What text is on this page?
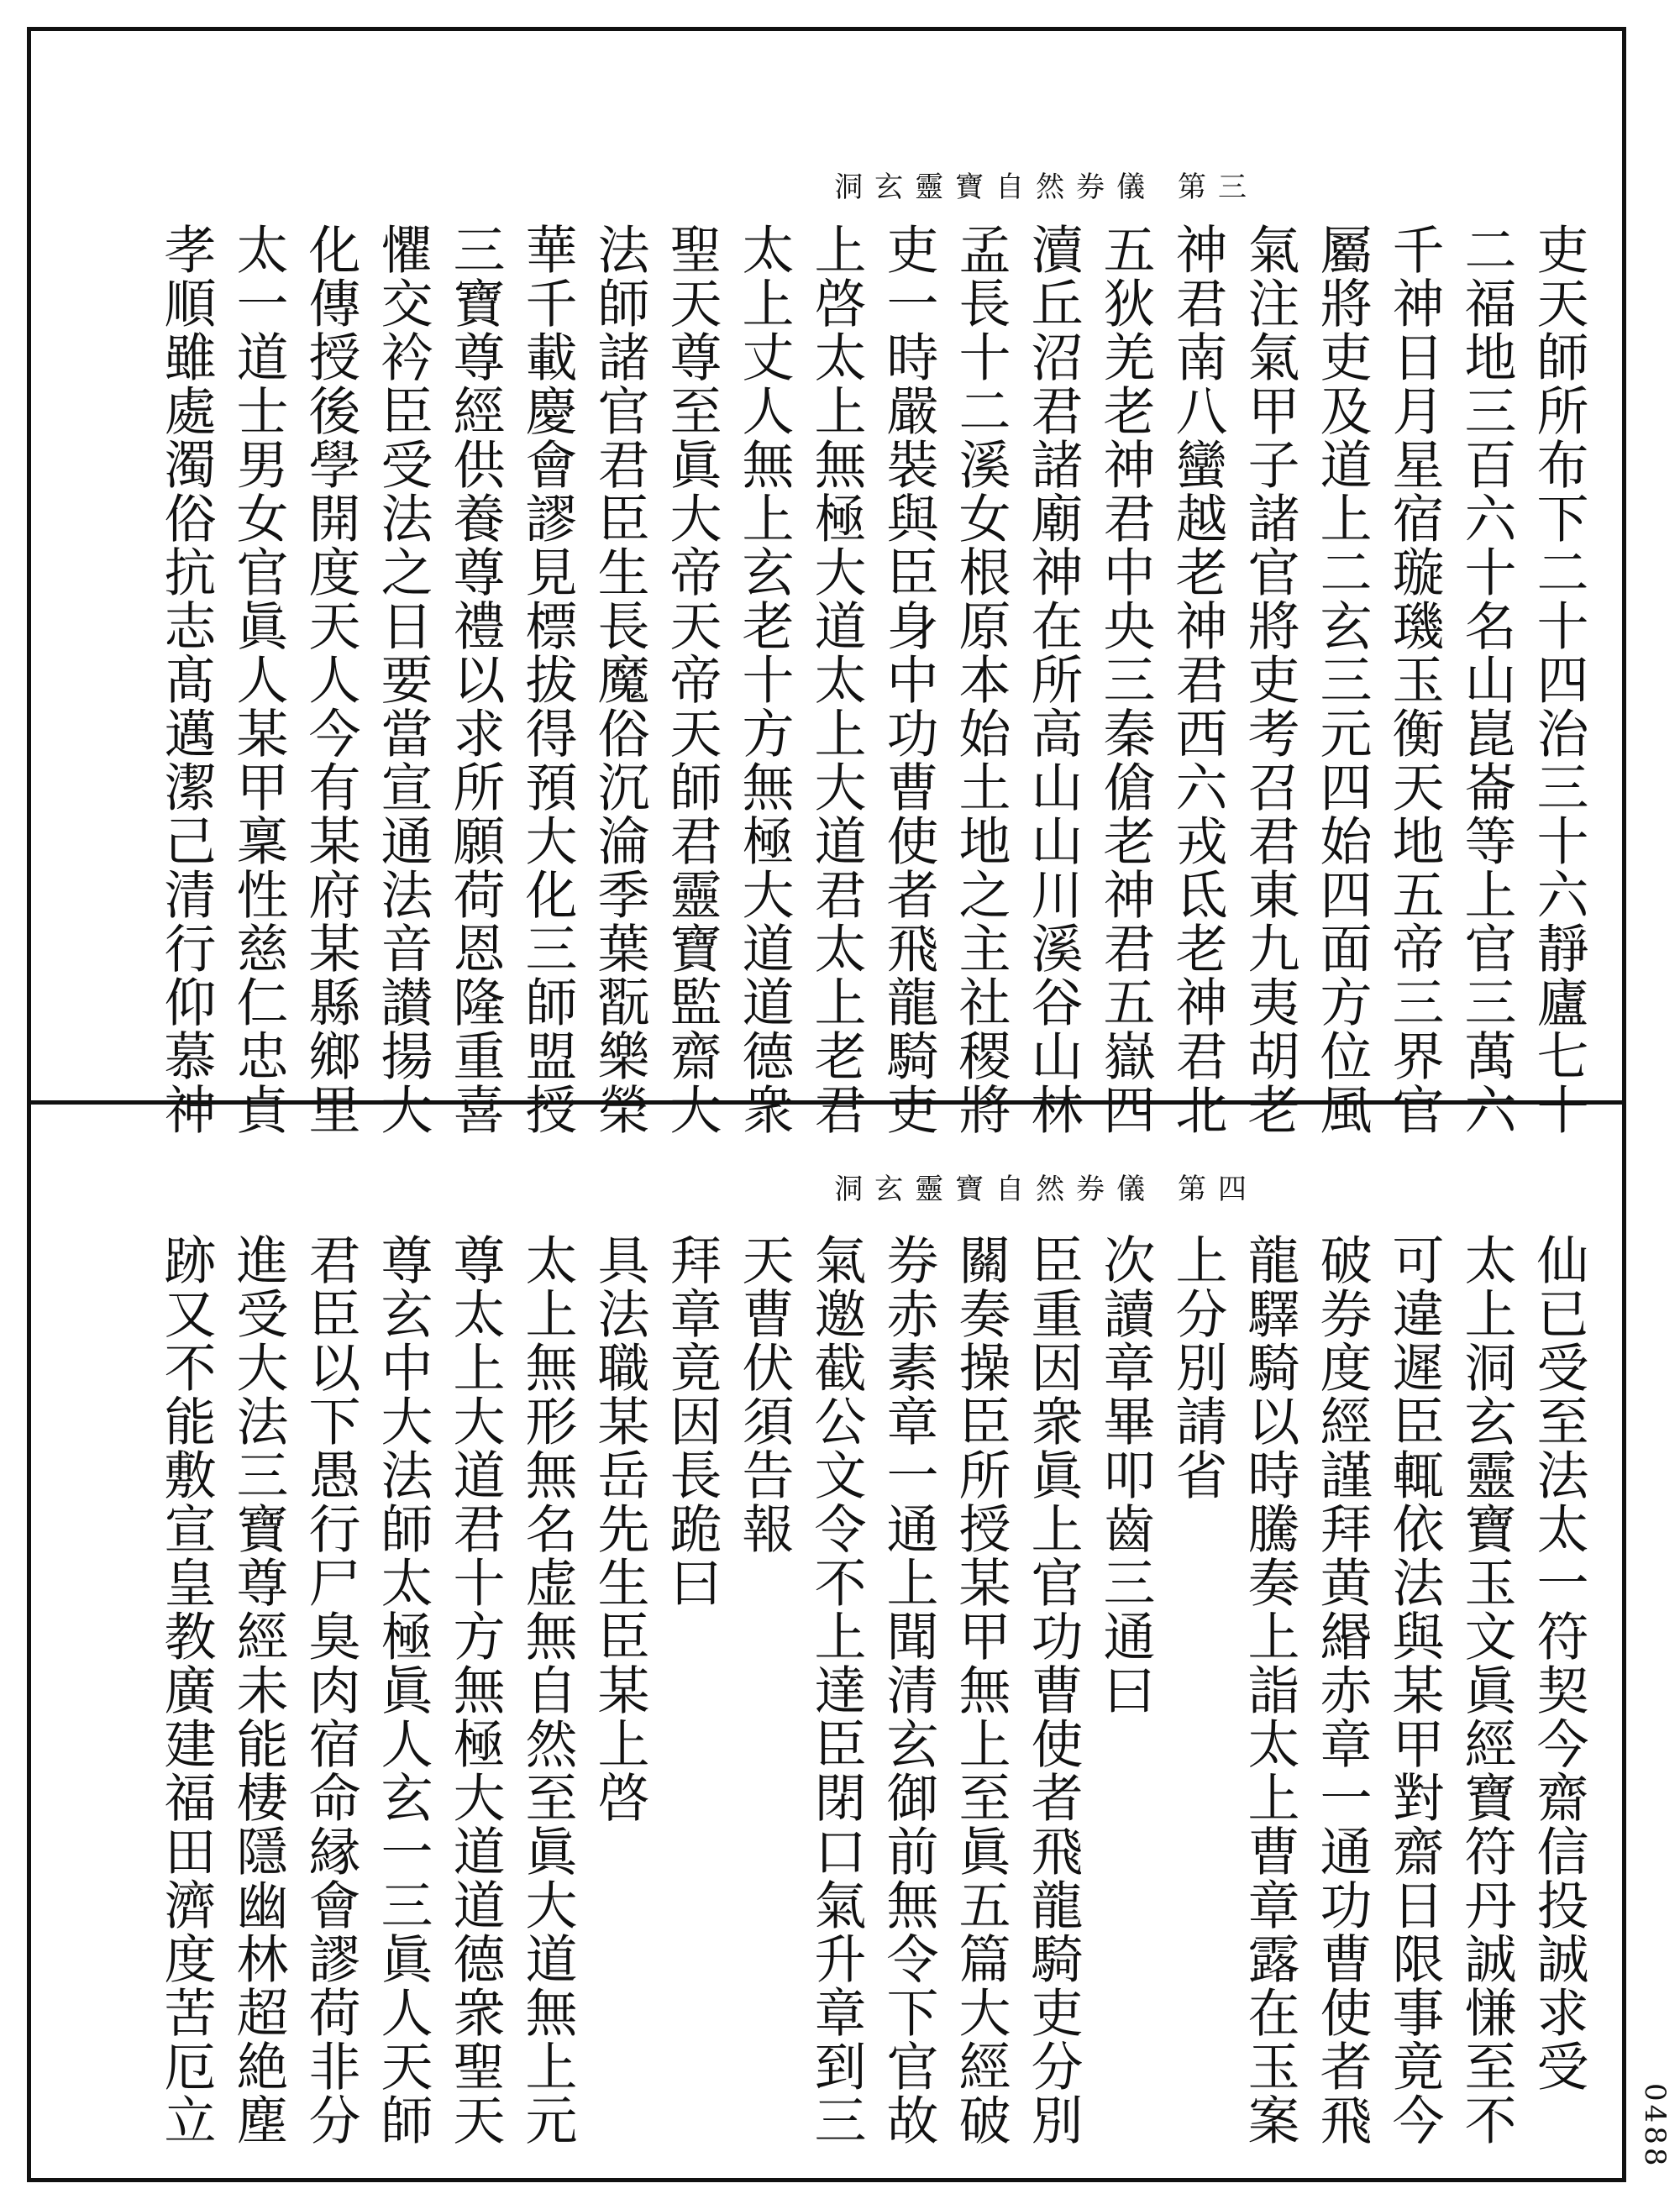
洞玄靈寶自然券儀 第三
吏天師所布下二十四治三十六靜廬七十
二福地三百六十名山崑崙等上官三萬六
千神日月星宿璇璣玉衡天地五帝三界官
屬將吏及道上二玄三元四始四面方位風
氣注氣甲子諸官將吏考召君東九夷胡老
神君南八蠻越老神君西六戎氐老神君北
五狄羌老神君中央三秦傖老神君五嶽四
瀆丘沼君諸廟神在所高山山川溪谷山林
孟長十二溪女根原本始土地之主社稷將
吏一時嚴裝與臣身中功曹使者飛龍騎吏
上啓太上無極大道太上大道君太上老君
太上丈人無上玄老十方無極大道道德衆
聖天尊至眞大帝天帝天師君靈寶監齋大
法師諸官君臣生長魔俗沉淪季葉翫樂榮
華千載慶會謬見標拔得預大化三師盟授
三寶尊經供養尊禮以求所願荷恩隆重喜
懼交衿臣受法之日要當宣通法音讃揚大
化傳授後學開度天人今有某府某縣鄉里
太一道士男女官眞人某甲稟性慈仁忠貞
孝順雖處濁俗抗志髙邁潔己清行仰慕神
洞玄靈寶自然券儀 第四
仙已受至法太一符契今齋信投誠求受
太上洞玄靈寶玉文眞經寶符丹誠慊至不
可違遲臣輒依法與某甲對齋日限事竟今
破券度經謹拜黄緡赤章一通功曹使者飛
龍驛騎以時騰奏上詣太上曹章露在玉案
上分別請省
次讀章畢叩齒三通曰
臣重因衆眞上官功曹使者飛龍騎吏分別
關奏操臣所授某甲無上至眞五篇大經破
券赤素章一通上聞清玄御前無令下官故
氣邀截公文令不上達臣閉口氣升章到三
天曹伏須告報
拜章竟因長跪曰
具法職某岳先生臣某上啓
太上無形無名虚無自然至眞大道無上元
尊太上大道君十方無極大道道德衆聖天
尊玄中大法師太極眞人玄一三眞人天師
君臣以下愚行尸臭肉宿命縁會謬荷非分
進受大法三寶尊經未能棲隱幽林超絶塵
跡又不能敷宣皇教廣建福田濟度苦厄立	0488
